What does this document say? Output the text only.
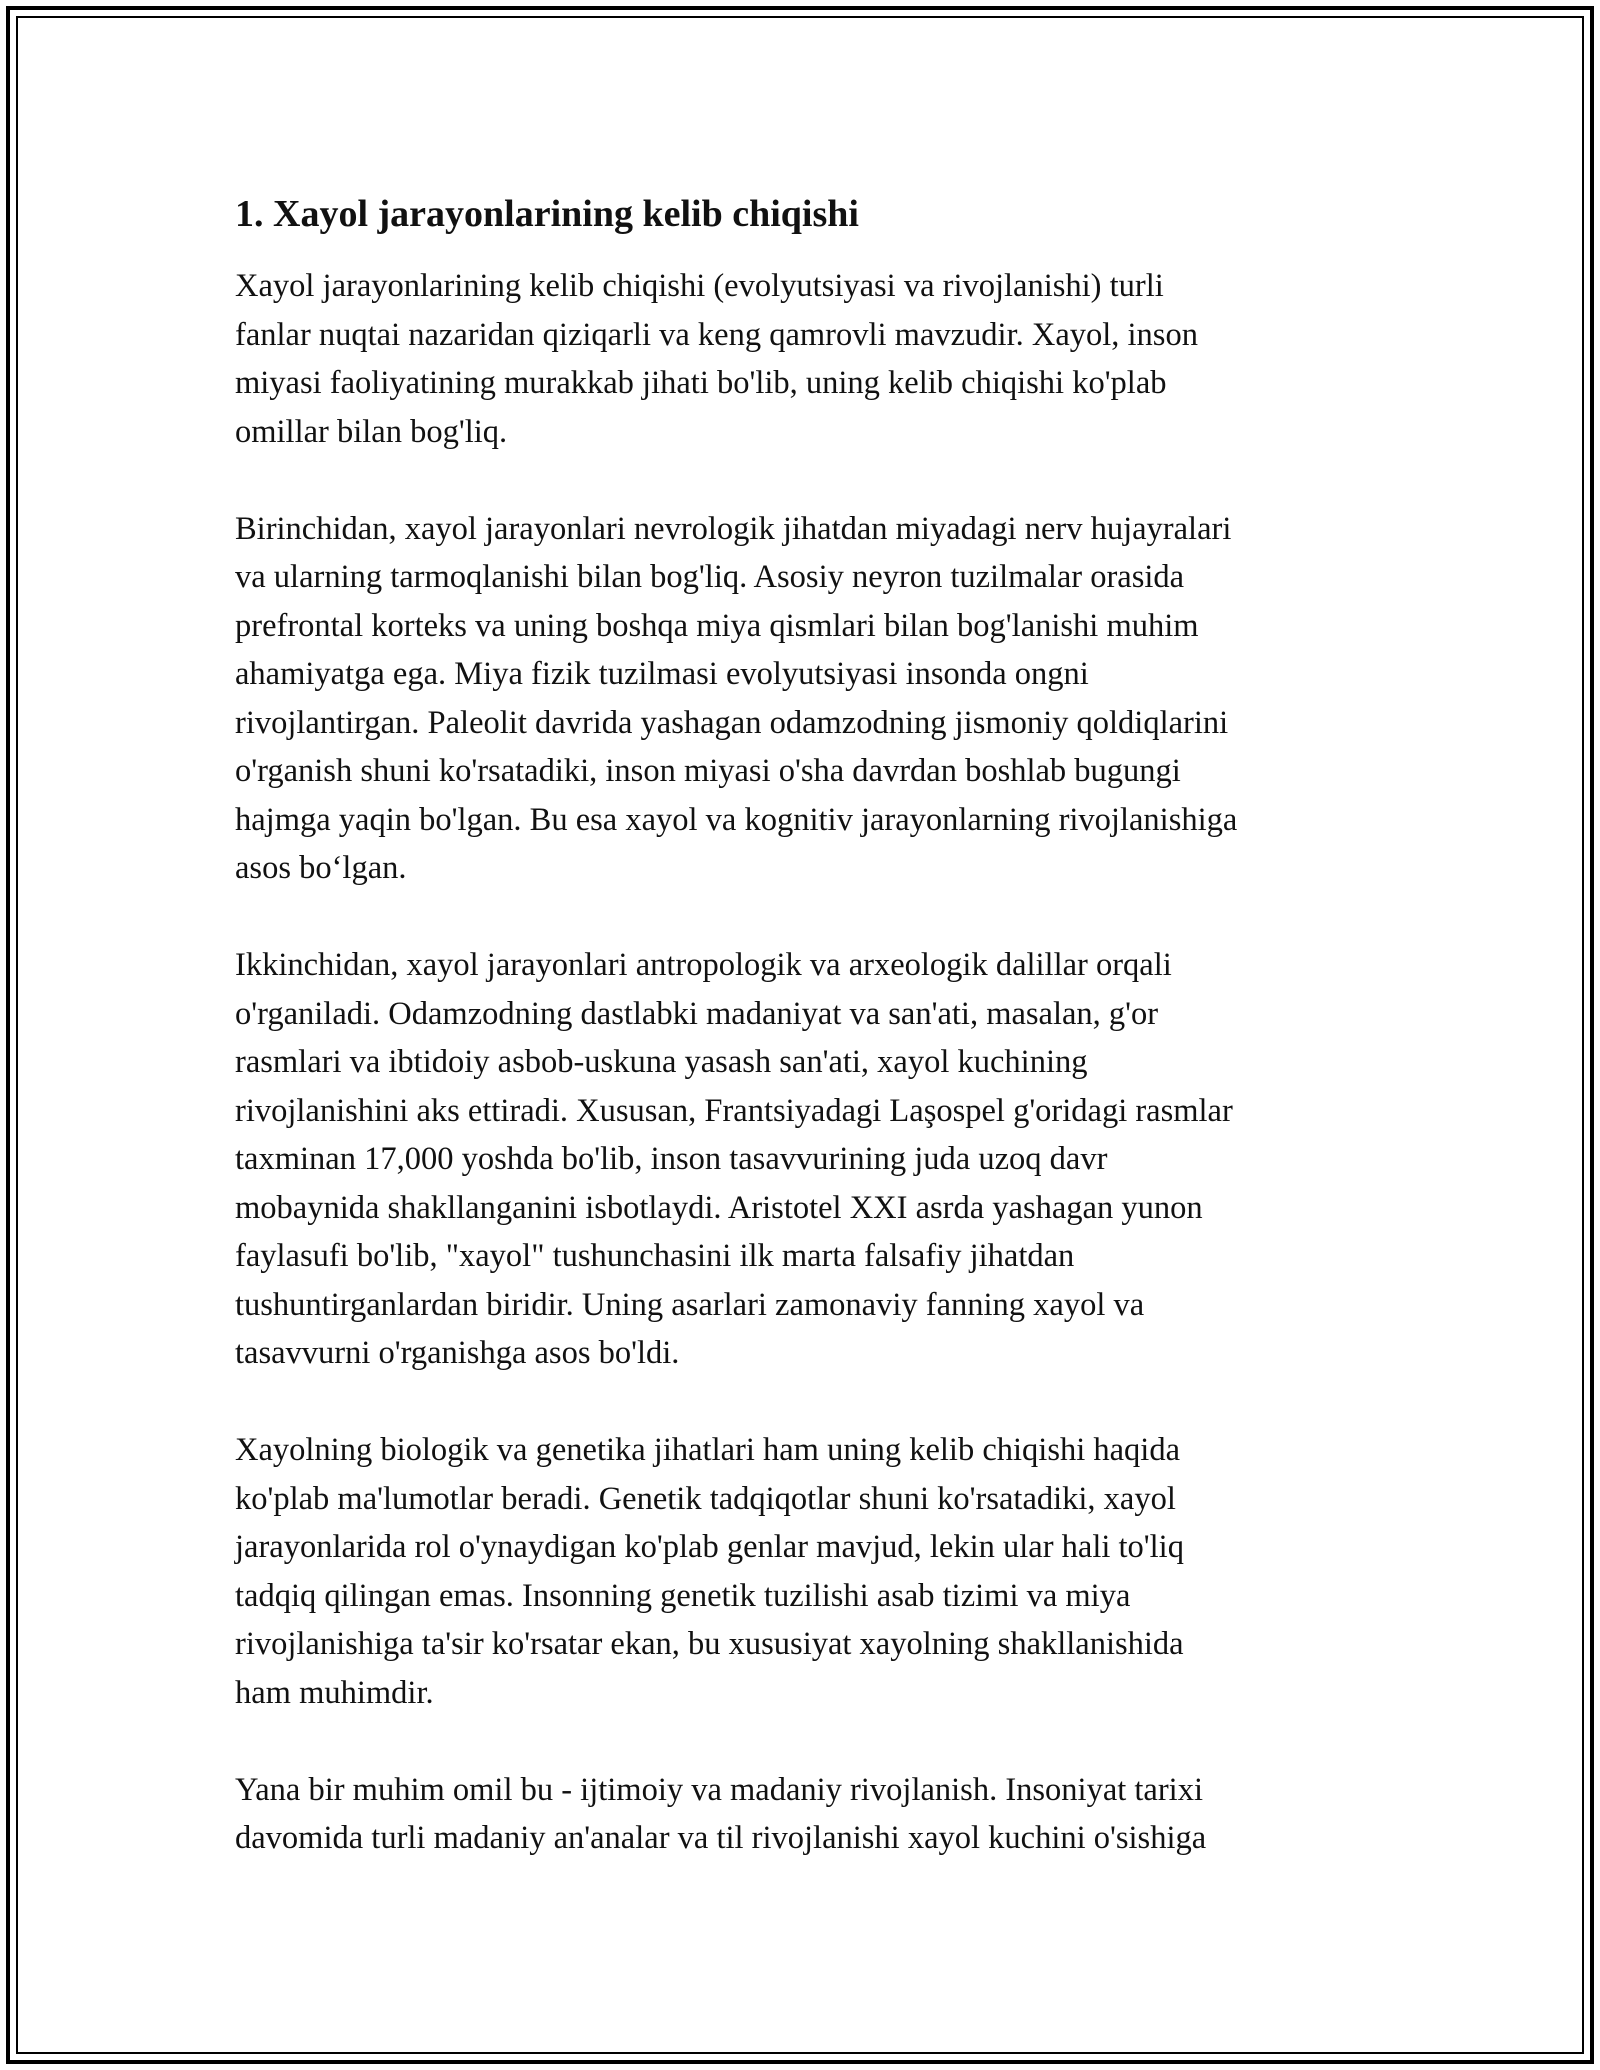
1. Xayol jarayonlarining kelib chiqishi

Xayol jarayonlarining kelib chiqishi (evolyutsiyasi va rivojlanishi) turli
fanlar nuqtai nazaridan qiziqarli va keng qamrovli mavzudir. Xayol, inson
miyasi faoliyatining murakkab jihati bo'lib, uning kelib chiqishi ko'plab
omillar bilan bog'liq.

Birinchidan, xayol jarayonlari nevrologik jihatdan miyadagi nerv hujayralari
va ularning tarmoqlanishi bilan bog'liq. Asosiy neyron tuzilmalar orasida
prefrontal korteks va uning boshqa miya qismlari bilan bog'lanishi muhim
ahamiyatga ega. Miya fizik tuzilmasi evolyutsiyasi insonda ongni
rivojlantirgan. Paleolit davrida yashagan odamzodning jismoniy qoldiqlarini
o'rganish shuni ko'rsatadiki, inson miyasi o'sha davrdan boshlab bugungi
hajmga yaqin bo'lgan. Bu esa xayol va kognitiv jarayonlarning rivojlanishiga
asos bo‘lgan.

Ikkinchidan, xayol jarayonlari antropologik va arxeologik dalillar orqali
o'rganiladi. Odamzodning dastlabki madaniyat va san'ati, masalan, g'or
rasmlari va ibtidoiy asbob-uskuna yasash san'ati, xayol kuchining
rivojlanishini aks ettiradi. Xususan, Frantsiyadagi Laşospel g'oridagi rasmlar
taxminan 17,000 yoshda bo'lib, inson tasavvurining juda uzoq davr
mobaynida shakllanganini isbotlaydi. Aristotel XXI asrda yashagan yunon
faylasufi bo'lib, "xayol" tushunchasini ilk marta falsafiy jihatdan
tushuntirganlardan biridir. Uning asarlari zamonaviy fanning xayol va
tasavvurni o'rganishga asos bo'ldi.

Xayolning biologik va genetika jihatlari ham uning kelib chiqishi haqida
ko'plab ma'lumotlar beradi. Genetik tadqiqotlar shuni ko'rsatadiki, xayol
jarayonlarida rol o'ynaydigan ko'plab genlar mavjud, lekin ular hali to'liq
tadqiq qilingan emas. Insonning genetik tuzilishi asab tizimi va miya
rivojlanishiga ta'sir ko'rsatar ekan, bu xususiyat xayolning shakllanishida
ham muhimdir.

Yana bir muhim omil bu - ijtimoiy va madaniy rivojlanish. Insoniyat tarixi
davomida turli madaniy an'analar va til rivojlanishi xayol kuchini o'sishiga
